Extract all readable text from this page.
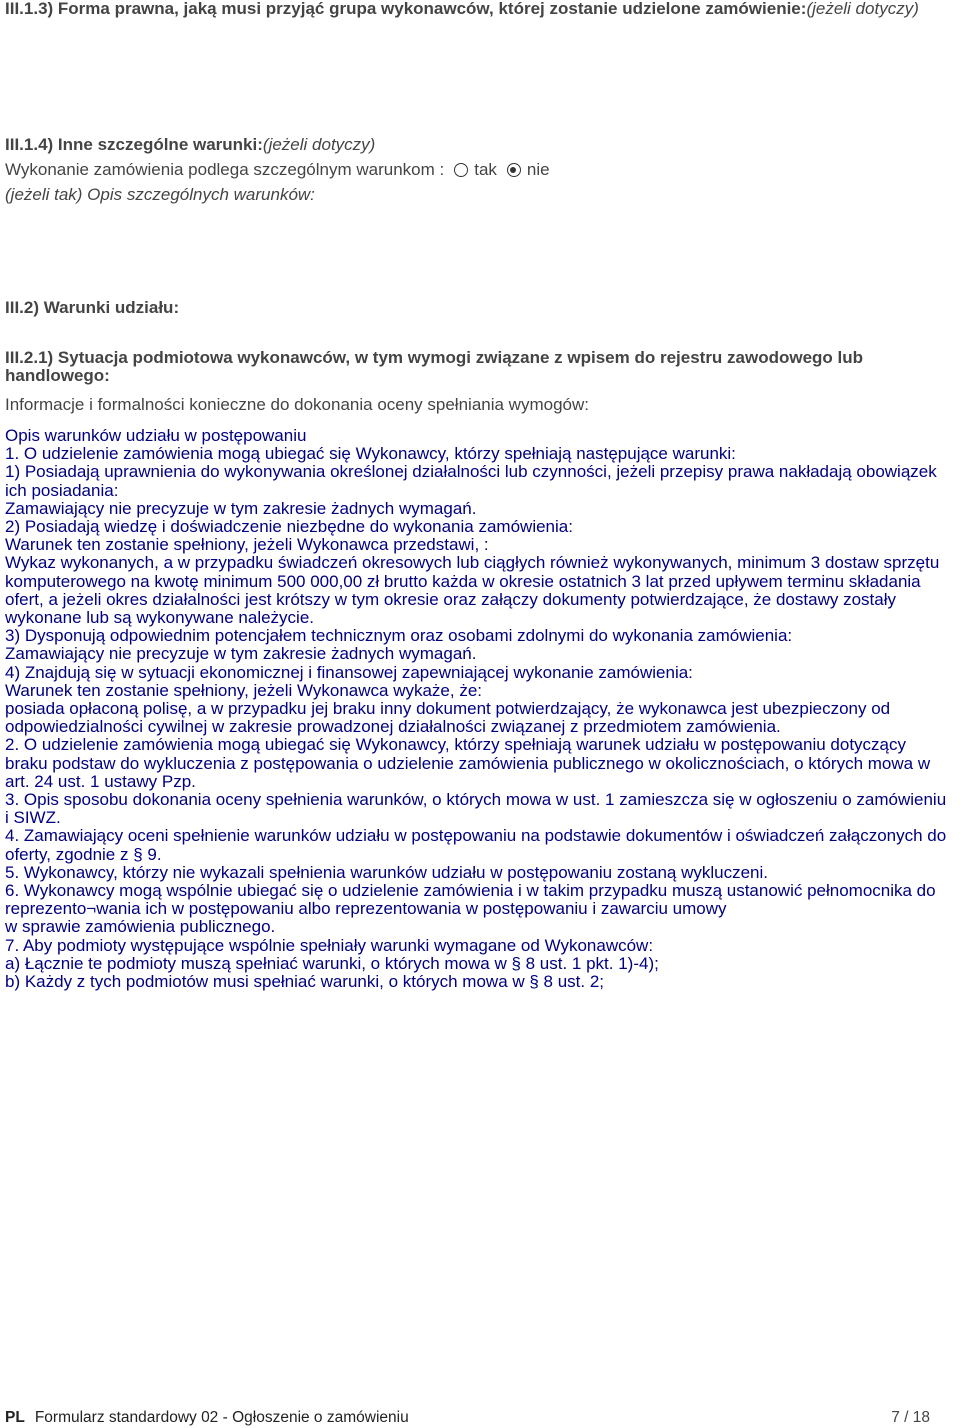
III.1.3) Forma prawna, jaką musi przyjąć grupa wykonawców, której zostanie udzielone zamówienie:(jeżeli dotyczy)
III.1.4) Inne szczególne warunki:(jeżeli dotyczy)
Wykonanie zamówienia podlega szczególnym warunkom : tak nie
(jeżeli tak) Opis szczególnych warunków:
III.2) Warunki udziału:
III.2.1) Sytuacja podmiotowa wykonawców, w tym wymogi związane z wpisem do rejestru zawodowego lub handlowego:
Informacje i formalności konieczne do dokonania oceny spełniania wymogów:

Opis warunków udziału w postępowaniu

1. O udzielenie zamówienia mogą ubiegać się Wykonawcy, którzy spełniają następujące warunki:

1) Posiadają uprawnienia do wykonywania określonej działalności lub czynności, jeżeli przepisy prawa nakładają obowiązek ich posiadania:

Zamawiający nie precyzuje w tym zakresie żadnych wymagań.

2) Posiadają wiedzę i doświadczenie niezbędne do wykonania zamówienia:

Warunek ten zostanie spełniony, jeżeli Wykonawca przedstawi, :

Wykaz wykonanych, a w przypadku świadczeń okresowych lub ciągłych również wykonywanych, minimum 3 dostaw sprzętu komputerowego na kwotę minimum 500 000,00 zł brutto każda w okresie ostatnich 3 lat przed upływem terminu składania ofert, a jeżeli okres działalności jest krótszy w tym okresie oraz załączy dokumenty potwierdzające, że dostawy zostały wykonane lub są wykonywane należycie.

3) Dysponują odpowiednim potencjałem technicznym oraz osobami zdolnymi do wykonania zamówienia:

Zamawiający nie precyzuje w tym zakresie żadnych wymagań.

4) Znajdują się w sytuacji ekonomicznej i finansowej zapewniającej wykonanie zamówienia:

Warunek ten zostanie spełniony, jeżeli Wykonawca wykaże, że:

posiada opłaconą polisę, a w przypadku jej braku inny dokument potwierdzający, że wykonawca jest ubezpieczony od odpowiedzialności cywilnej w zakresie prowadzonej działalności związanej z przedmiotem zamówienia.

2. O udzielenie zamówienia mogą ubiegać się Wykonawcy, którzy spełniają warunek udziału w postępowaniu dotyczący braku podstaw do wykluczenia z postępowania o udzielenie zamówienia publicznego w okolicznościach, o których mowa w art. 24 ust. 1 ustawy Pzp.

3. Opis sposobu dokonania oceny spełnienia warunków, o których mowa w ust. 1 zamieszcza się w ogłoszeniu o zamówieniu i SIWZ.

4. Zamawiający oceni spełnienie warunków udziału w postępowaniu na podstawie dokumentów i oświadczeń załączonych do oferty, zgodnie z § 9.

5. Wykonawcy, którzy nie wykazali spełnienia warunków udziału w postępowaniu zostaną wykluczeni.

6. Wykonawcy mogą wspólnie ubiegać się o udzielenie zamówienia i w takim przypadku muszą ustanowić pełnomocnika do reprezento¬wania ich w postępowaniu albo reprezentowania w postępowaniu i zawarciu umowy

w sprawie zamówienia publicznego.

7. Aby podmioty występujące wspólnie spełniały warunki wymagane od Wykonawców:

a) Łącznie te podmioty muszą spełniać warunki, o których mowa w § 8 ust. 1 pkt. 1)-4);

b) Każdy z tych podmiotów musi spełniać warunki, o których mowa w § 8 ust. 2;

PL Formularz standardowy 02 - Ogłoszenie o zamówieniu	7 / 18
